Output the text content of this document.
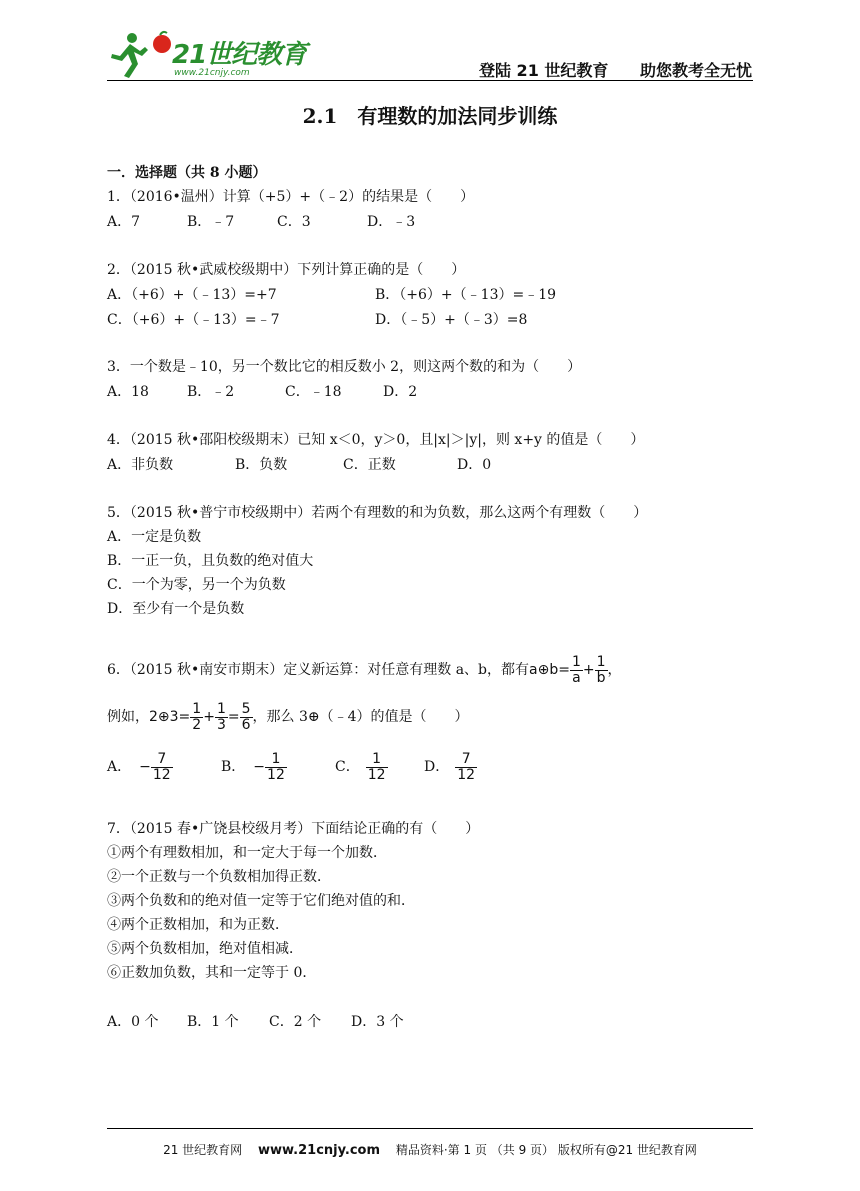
21世纪教育
www.21cnjy.com	登陆 21 世纪教育 助您教考全无忧
2.1　有理数的加法同步训练
一．选择题（共 8 小题）
1．（2016•温州）计算（+5）+（﹣2）的结果是（　　）
A．7	B．﹣7	C．3	D．﹣3
2．（2015 秋•武威校级期中）下列计算正确的是（　　）
A．（+6）+（﹣13）=+7	B．（+6）+（﹣13）=﹣19
C．（+6）+（﹣13）=﹣7	D．（﹣5）+（﹣3）=8
3．一个数是﹣10，另一个数比它的相反数小 2，则这两个数的和为（　　）
A．18	B．﹣2	C．﹣18	D．2
4．（2015 秋•邵阳校级期末）已知 x＜0，y＞0，且|x|＞|y|，则 x+y 的值是（　　）
A．非负数	B．负数	C．正数	D．0
5．（2015 秋•普宁市校级期中）若两个有理数的和为负数，那么这两个有理数（　　）
A．一定是负数
B．一正一负，且负数的绝对值大
C．一个为零，另一个为负数
D．至少有一个是负数
6．（2015 秋•南安市期末）定义新运算：对任意有理数 a、b，都有a⊕b= $\frac{1}{a} + \frac{1}{b}$ ，
例如，2⊕3= $\frac{1}{2} + \frac{1}{3} = \frac{5}{6}$ ，那么 3⊕（﹣4）的值是（　　）
A． − $\frac{7}{12}$	B． − $\frac{1}{12}$	C． $\frac{1}{12}$	D． $\frac{7}{12}$
7．（2015 春•广饶县校级月考）下面结论正确的有（　　）
①两个有理数相加，和一定大于每一个加数．
②一个正数与一个负数相加得正数．
③两个负数和的绝对值一定等于它们绝对值的和．
④两个正数相加，和为正数．
⑤两个负数相加，绝对值相减．
⑥正数加负数，其和一定等于 0．
A．0 个 B．1 个 C．2 个 D．3 个
21 世纪教育网 www.21cnjy.com 精品资料·第 1 页 （共 9 页） 版权所有@21 世纪教育网
